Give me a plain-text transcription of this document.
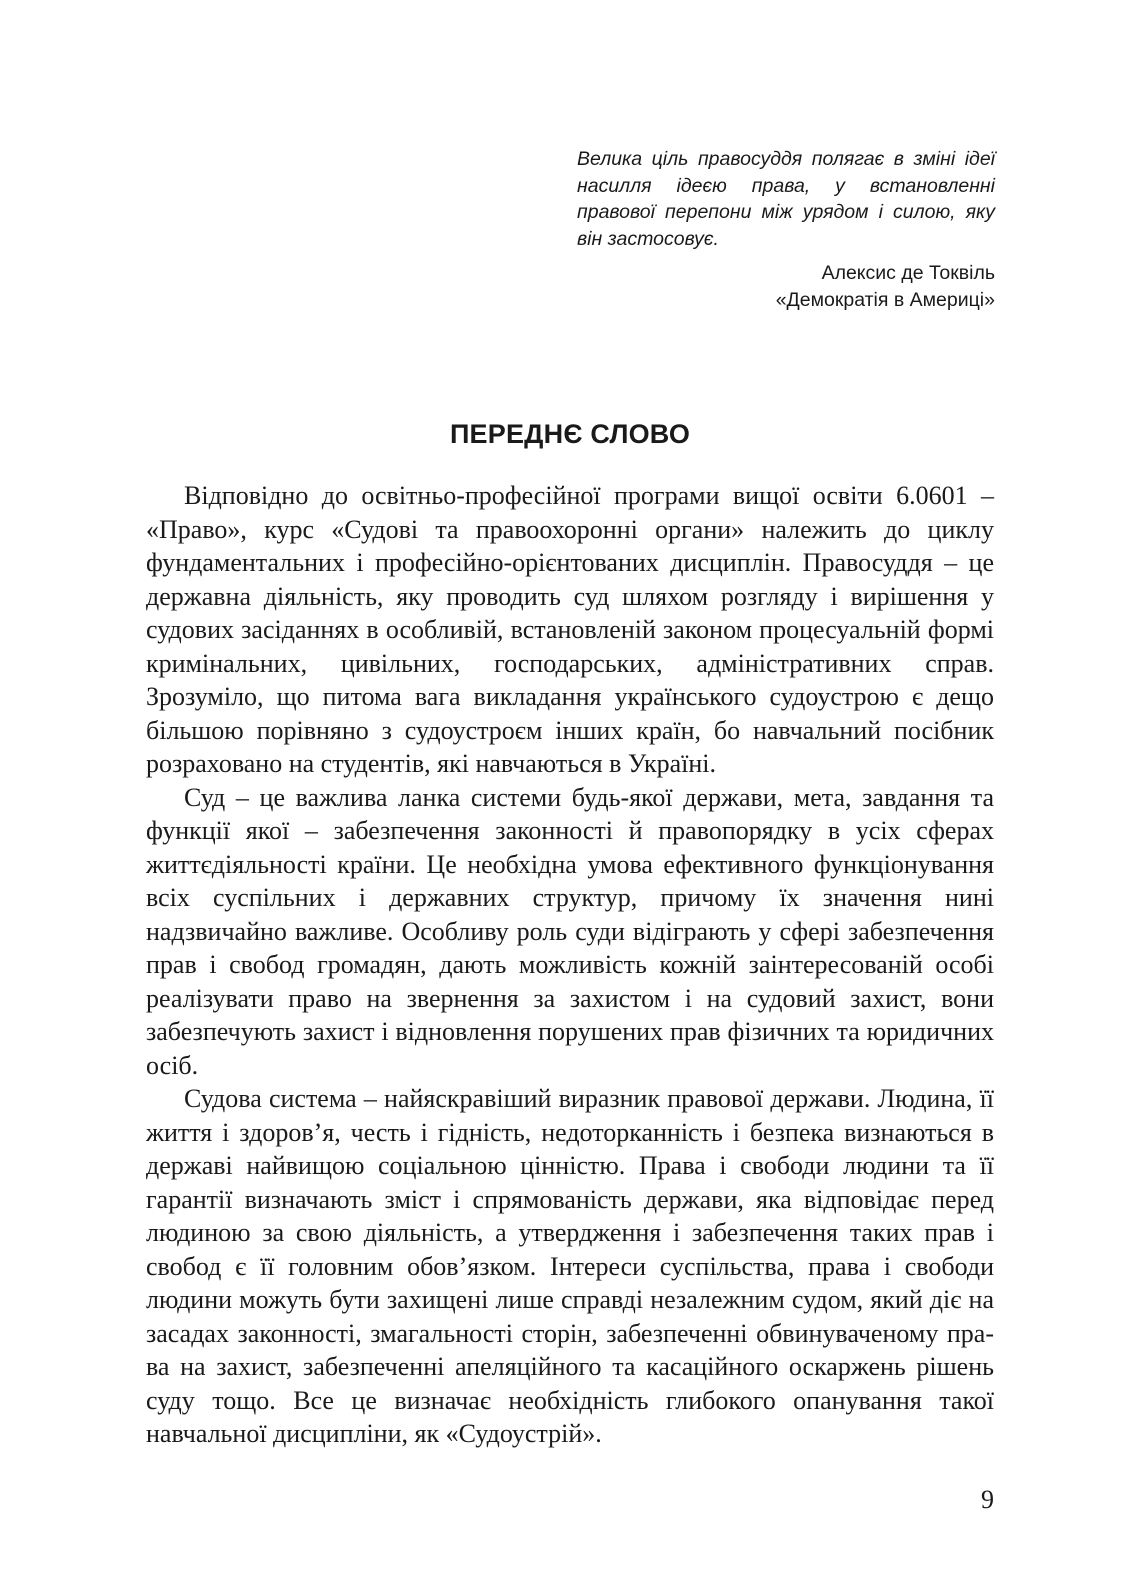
Велика ціль правосуддя полягає в зміні ідеї насилля ідеєю права, у встановленні правової перепони між урядом і силою, яку він застосовує.

Алексис де Токвіль
«Демократія в Америці»

ПЕРЕДНЄ СЛОВО

Відповідно до освітньо-професійної програми вищої освіти 6.0601 – «Право», курс «Судові та правоохоронні органи» належить до циклу фундаментальних і професійно-орієнтованих дисциплін. Правосуддя – це державна діяльність, яку проводить суд шляхом розгляду і вирішення у судових засіданнях в особливій, встановленій законом процесуальній формі кримінальних, цивільних, господарських, адміністративних справ. Зрозуміло, що питома вага викладання українського судоустрою є дещо більшою порівняно з судоустроєм інших країн, бо навчальний посібник розраховано на студентів, які навчаються в Україні.

Суд – це важлива ланка системи будь-якої держави, мета, завдання та функції якої – забезпечення законності й правопорядку в усіх сферах життєдіяльності країни. Це необхідна умова ефективного функціонування всіх суспільних і державних структур, причому їх значення нині надзвичайно важливе. Особливу роль суди відіграють у сфері забезпечення прав і свобод громадян, дають можливість кожній заінтересованій особі реалізувати право на звернення за захистом і на судовий захист, вони забезпечують захист і відновлення порушених прав фізичних та юридичних осіб.

Судова система – найяскравіший виразник правової держави. Людина, її життя і здоров’я, честь і гідність, недоторканність і безпека визнаються в державі найвищою соціальною цінністю. Права і свободи людини та її гарантії визначають зміст і спрямованість держави, яка відповідає перед людиною за свою діяльність, а утвердження і забезпечення таких прав і свобод є її головним обов’язком. Інтереси суспільства, права і свободи людини можуть бути захищені лише справді незалежним судом, який діє на засадах законності, змагальності сторін, забезпеченні обвинуваченому права на захист, забезпеченні апеляційного та касаційного оскаржень рішень суду тощо. Все це визначає необхідність глибокого опанування такої навчальної дисципліни, як «Судоустрій».

9
